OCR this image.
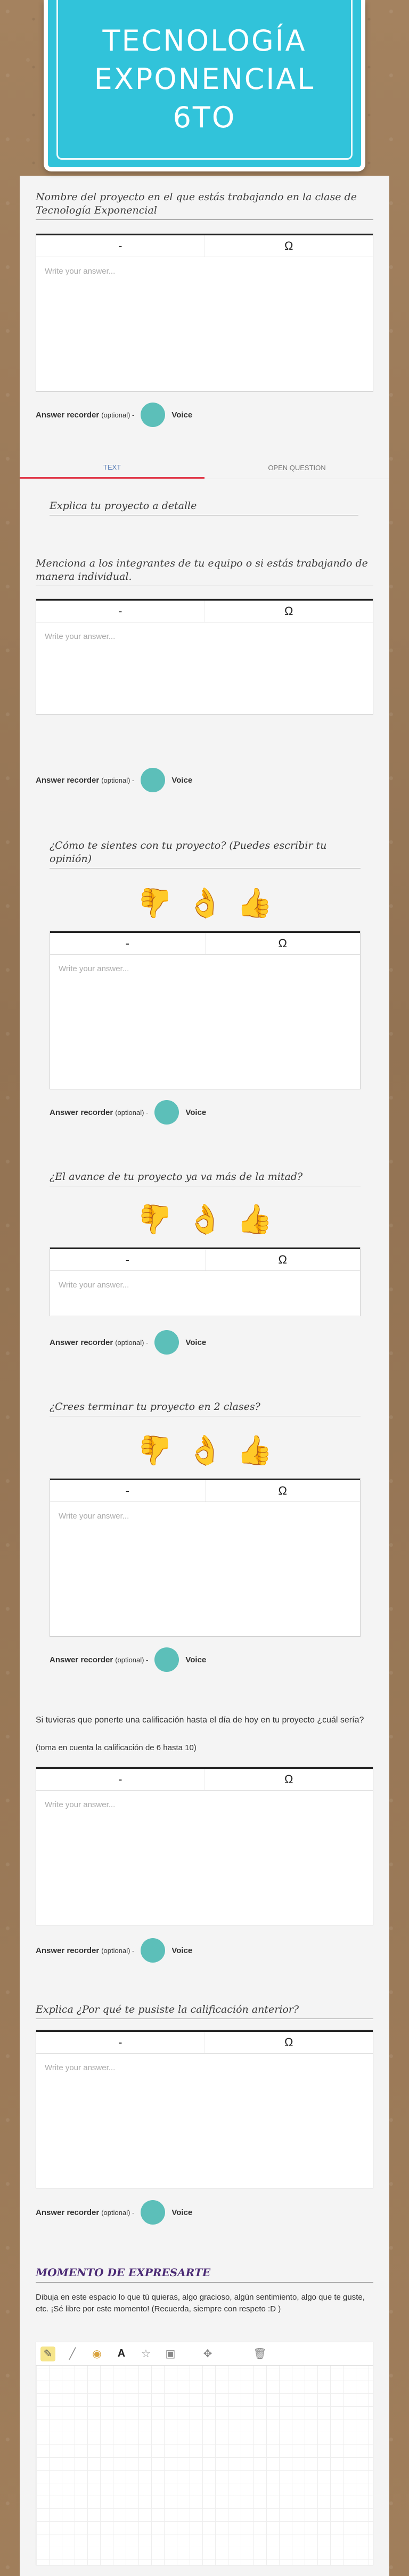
TECNOLOGÍA EXPONENCIAL 6TO
Nombre del proyecto en el que estás trabajando en la clase de Tecnología Exponencial
-	Ω
Write your answer...
Answer recorder (optional) -	Voice
TEXT	OPEN QUESTION
Explica tu proyecto a detalle
Menciona a los integrantes de tu equipo o si estás trabajando de manera individual.
-	Ω
Write your answer...
Answer recorder (optional) -	Voice
¿Cómo te sientes con tu proyecto? (Puedes escribir tu opinión)
👍 👌 👍
-	Ω
Write your answer...
Answer recorder (optional) -	Voice
¿El avance de tu proyecto ya va más de la mitad?
👍 👌 👍
-	Ω
Write your answer...
Answer recorder (optional) -	Voice
¿Crees terminar tu proyecto en 2 clases?
👍 👌 👍
-	Ω
Write your answer...
Answer recorder (optional) -	Voice
Si tuvieras que ponerte una calificación hasta el día de hoy en tu proyecto ¿cuál sería?
(toma en cuenta la calificación de 6 hasta 10)
-	Ω
Write your answer...
Answer recorder (optional) -	Voice
Explica ¿Por qué te pusiste la calificación anterior?
-	Ω
Write your answer...
Answer recorder (optional) -	Voice
MOMENTO DE EXPRESARTE
Dibuja en este espacio lo que tú quieras, algo gracioso, algún sentimiento, algo que te guste, etc. ¡Sé libre por este momento! (Recuerda, siempre con respeto :D )
✎	╱	◉	A	☆ ▣	✥	🗑
